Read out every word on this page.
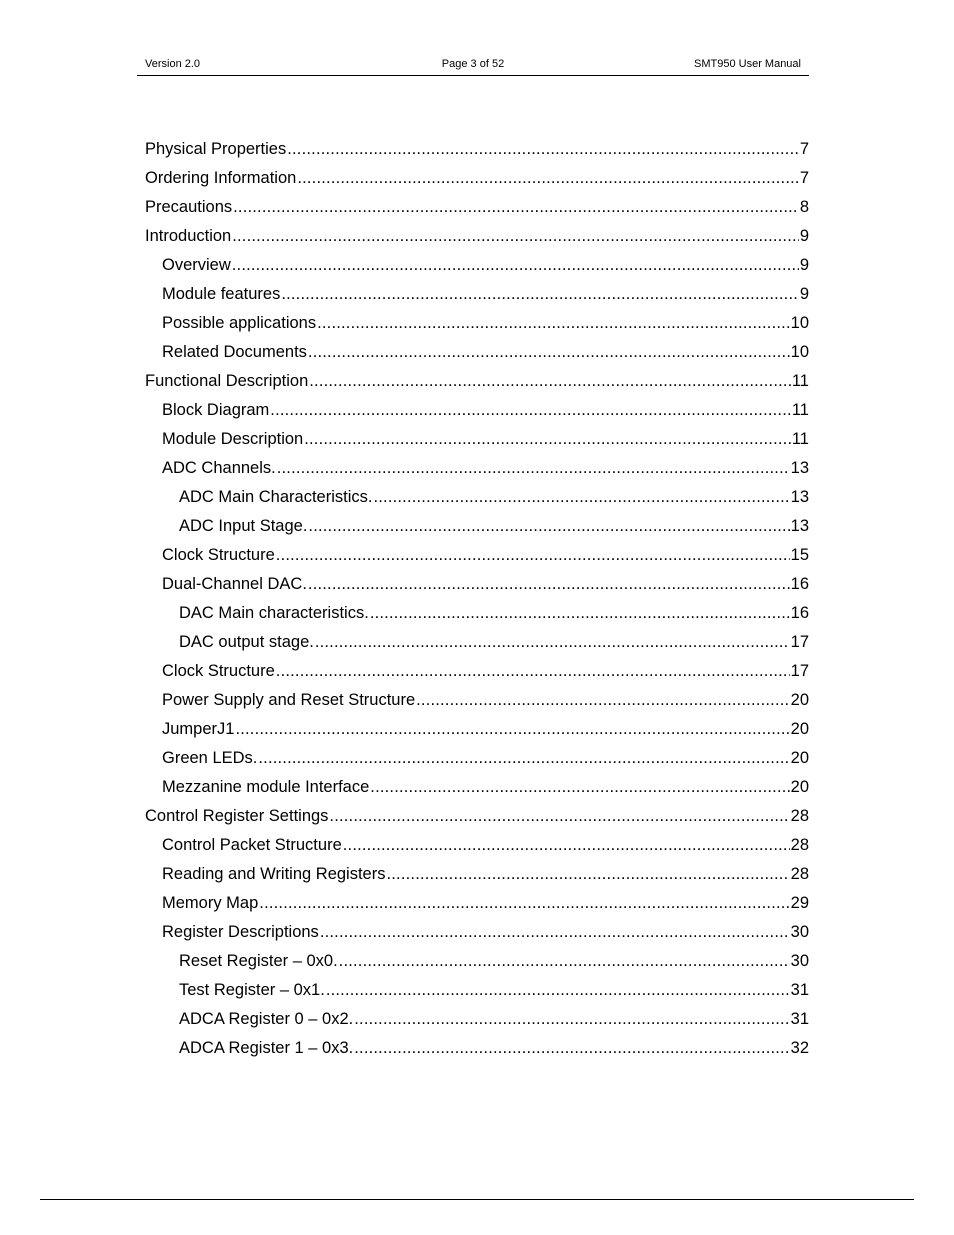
Version 2.0	Page 3 of 52	SMT950 User Manual
Physical Properties .....	7
Ordering Information .....	7
Precautions .....	8
Introduction .....	9
Overview .....	9
Module features .....	9
Possible applications .....	10
Related Documents .....	10
Functional Description .....	11
Block Diagram .....	11
Module Description .....	11
ADC Channels. .....	13
ADC Main Characteristics. .....	13
ADC Input Stage. .....	13
Clock Structure .....	15
Dual-Channel DAC. .....	16
DAC Main characteristics. .....	16
DAC output stage. .....	17
Clock Structure .....	17
Power Supply and Reset Structure .....	20
JumperJ1 .....	20
Green LEDs. .....	20
Mezzanine module Interface .....	20
Control Register Settings .....	28
Control Packet Structure .....	28
Reading and Writing Registers .....	28
Memory Map .....	29
Register Descriptions .....	30
Reset Register – 0x0. .....	30
Test Register – 0x1. .....	31
ADCA Register 0 – 0x2. .....	31
ADCA Register 1 – 0x3. .....	32
